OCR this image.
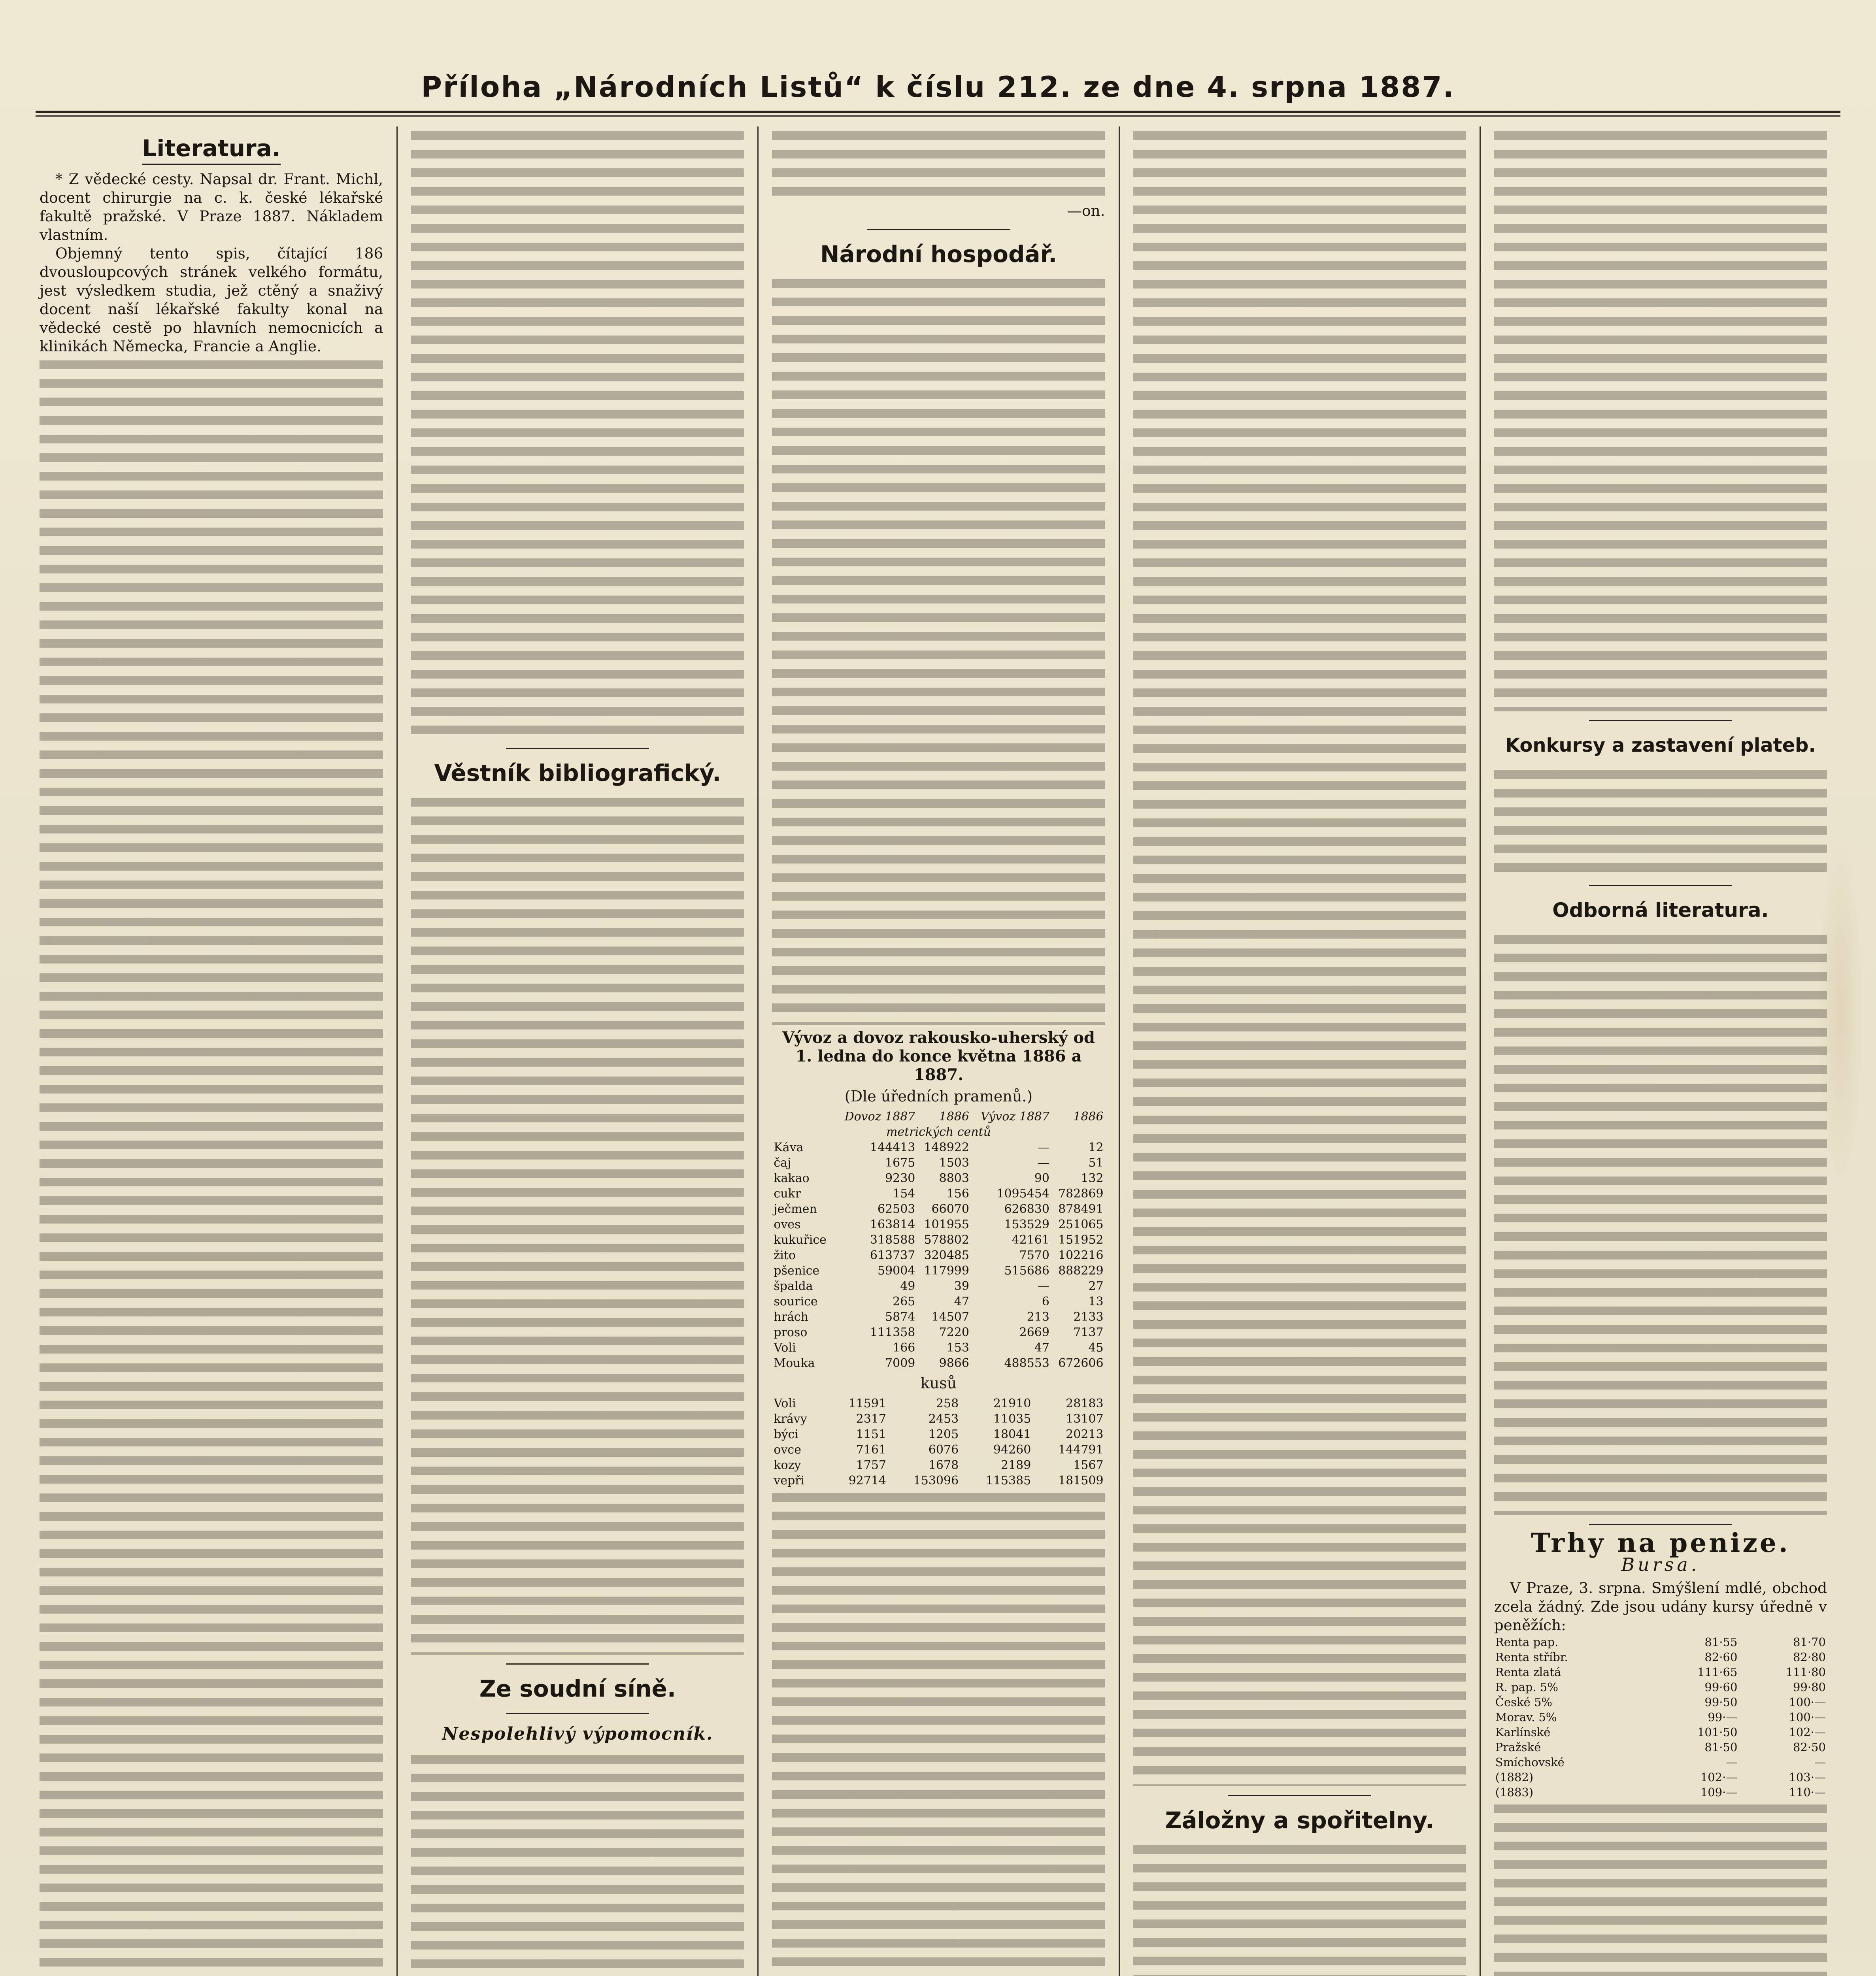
Příloha „Národních Listů“ k číslu 212. ze dne 4. srpna 1887.
Literatura.

* Z vědecké cesty. Napsal dr. Frant. Michl, docent chirurgie na c. k. české lékařské fakultě pražské. V Praze 1887. Nákladem vlastním.

Objemný tento spis, čítající 186 dvousloupcových stránek velkého formátu, jest výsledkem studia, jež ctěný a snaživý docent naší lékařské fakulty konal na vědecké cestě po hlavních nemocnicích a klinikách Německa, Francie a Anglie.

Věstník bibliografický.
Ze soudní síně.
Nespolehlivý výpomocník.
—on.
Národní hospodář.
Vývoz a dovoz rakousko-uherský od 1. ledna do konce května 1886 a 1887.
(Dle úředních pramenů.)
	Dovoz 1887	1886	Vývoz 1887	1886
metrických centů				
Káva	144413	148922	—	12
čaj	1675	1503	—	51
kakao	9230	8803	90	132
cukr	154	156	1095454	782869
ječmen	62503	66070	626830	878491
oves	163814	101955	153529	251065
kukuřice	318588	578802	42161	151952
žito	613737	320485	7570	102216
pšenice	59004	117999	515686	888229
špalda	49	39	—	27
sourice	265	47	6	13
hrách	5874	14507	213	2133
proso	111358	7220	2669	7137
Voli	166	153	47	45
Mouka	7009	9866	488553	672606
kusů
Voli	11591	258	21910	28183
krávy	2317	2453	11035	13107
býci	1151	1205	18041	20213
ovce	7161	6076	94260	144791
kozy	1757	1678	2189	1567
vepři	92714	153096	115385	181509
Záložny a spořitelny.
Konkursy a zastavení plateb.
Odborná literatura.
Trhy na penize.
Bursa.

V Praze, 3. srpna. Smýšlení mdlé, obchod zcela žádný. Zde jsou udány kursy úředně v peněžích:

Renta pap.	81·55	81·70
Renta stříbr.	82·60	82·80
Renta zlatá	111·65	111·80
R. pap. 5%	99·60	99·80
České 5%	99·50	100·—
Morav. 5%	99·—	100·—
Karlínské	101·50	102·—
Pražské	81·50	82·50
Smíchovské	—	—
(1882)	102·—	103·—
(1883)	109·—	110·—
